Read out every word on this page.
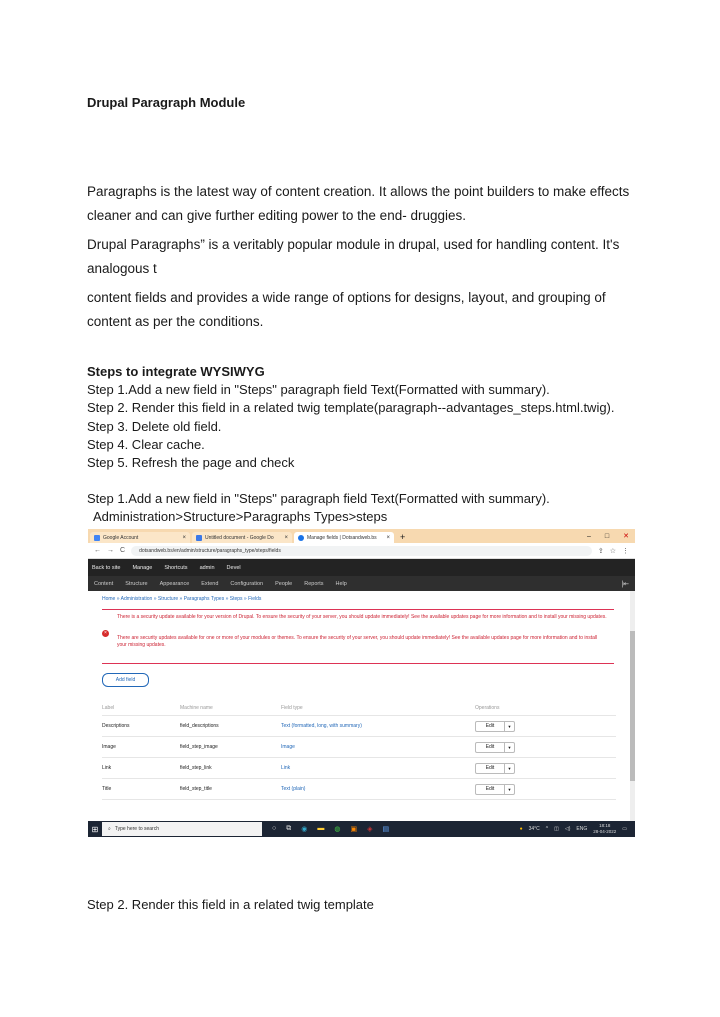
Drupal Paragraph Module
Paragraphs is the latest way of content creation. It allows the point builders to make effects cleaner and can give further editing power to the end- druggies.
Drupal Paragraphs” is a veritably popular module in drupal, used for handling content. It's analogous t
content fields and provides a wide range of options for designs, layout, and grouping of content as per the conditions.
Steps to integrate WYSIWYG
Step 1.Add a new field in "Steps" paragraph field Text(Formatted with summary).
Step 2. Render this field in a related twig template(paragraph--advantages_steps.html.twig).
Step 3. Delete old field.
Step 4. Clear cache.
Step 5. Refresh the page and check
Step 1.Add a new field in "Steps" paragraph field Text(Formatted with summary).
Administration>Structure>Paragraphs Types>steps
Google Account	×	Untitled document - Google Do ×	Manage fields | Dotsandweb.bs × +	– □ ✕
← → C	dotsandweb.bs/en/admin/structure/paragraphs_type/steps/fields	⇪ ☆ ⋮
Back to site Manage Shortcuts admin Devel
Content Structure Appearance Extend Configuration People Reports Help	|⇤
Home » Administration » Structure » Paragraphs Types » Steps » Fields
×

There is a security update available for your version of Drupal. To ensure the security of your server, you should update immediately! See the available updates page for more information and to install your missing updates.

There are security updates available for one or more of your modules or themes. To ensure the security of your server, you should update immediately! See the available updates page for more information and to install your missing updates.

Add field
Label	Machine name	Field type	Operations
Descriptions	field_descriptions	Text (formatted, long, with summary)	Edit	▼
Image	field_step_image	Image	Edit	▼
Link	field_step_link	Link	Edit	▼
Title	field_step_title	Text (plain)	Edit	▼
⊞	⌕ Type here to search	○ ⧉ ◉ ▬ ◍ ▣ ◈ ▤	● 34°C ^ ◫ ◁) ENG
18:18
28-04-2022 ▭
Step 2. Render this field in a related twig template
